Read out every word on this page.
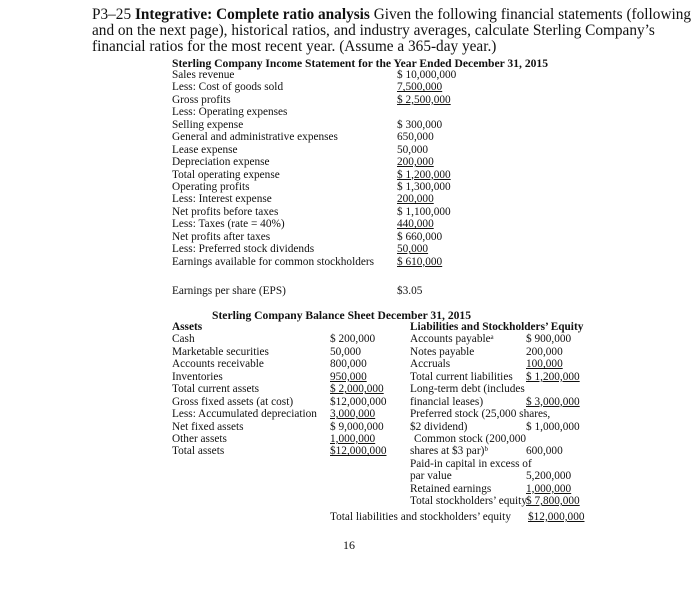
P3–25 Integrative: Complete ratio analysis Given the following financial statements (following
and on the next page), historical ratios, and industry averages, calculate Sterling Company’s
financial ratios for the most recent year. (Assume a 365-day year.)
Sterling Company Income Statement for the Year Ended December 31, 2015
Sales revenue	$ 10,000,000
Less: Cost of goods sold	7,500,000
Gross profits	$ 2,500,000
Less: Operating expenses
Selling expense	$ 300,000
General and administrative expenses	650,000
Lease expense	50,000
Depreciation expense	200,000
Total operating expense	$ 1,200,000
Operating profits	$ 1,300,000
Less: Interest expense	200,000
Net profits before taxes	$ 1,100,000
Less: Taxes (rate = 40%)	440,000
Net profits after taxes	$ 660,000
Less: Preferred stock dividends	50,000
Earnings available for common stockholders $ 610,000
Earnings per share (EPS)	$3.05
Sterling Company Balance Sheet December 31, 2015
Assets
Cash	$ 200,000
Marketable securities	50,000
Accounts receivable	800,000
Inventories	950,000
Total current assets	$ 2,000,000
Gross fixed assets (at cost)	$12,000,000
Less: Accumulated depreciation 3,000,000
Net fixed assets	$ 9,000,000
Other assets	1,000,000
Total assets	$12,000,000
Liabilities and Stockholders’ Equity
Accounts payableᵃ	$ 900,000
Notes payable	200,000
Accruals	100,000
Total current liabilities $ 1,200,000
Long-term debt (includes
financial leases)	$ 3,000,000
Preferred stock (25,000 shares,
$2 dividend)	$ 1,000,000
Common stock (200,000
shares at $3 par)ᵇ	600,000
Paid-in capital in excess of
par value	5,200,000
Retained earnings	1,000,000
Total stockholders’ equity $ 7,800,000
Total liabilities and stockholders’ equity $12,000,000
16
